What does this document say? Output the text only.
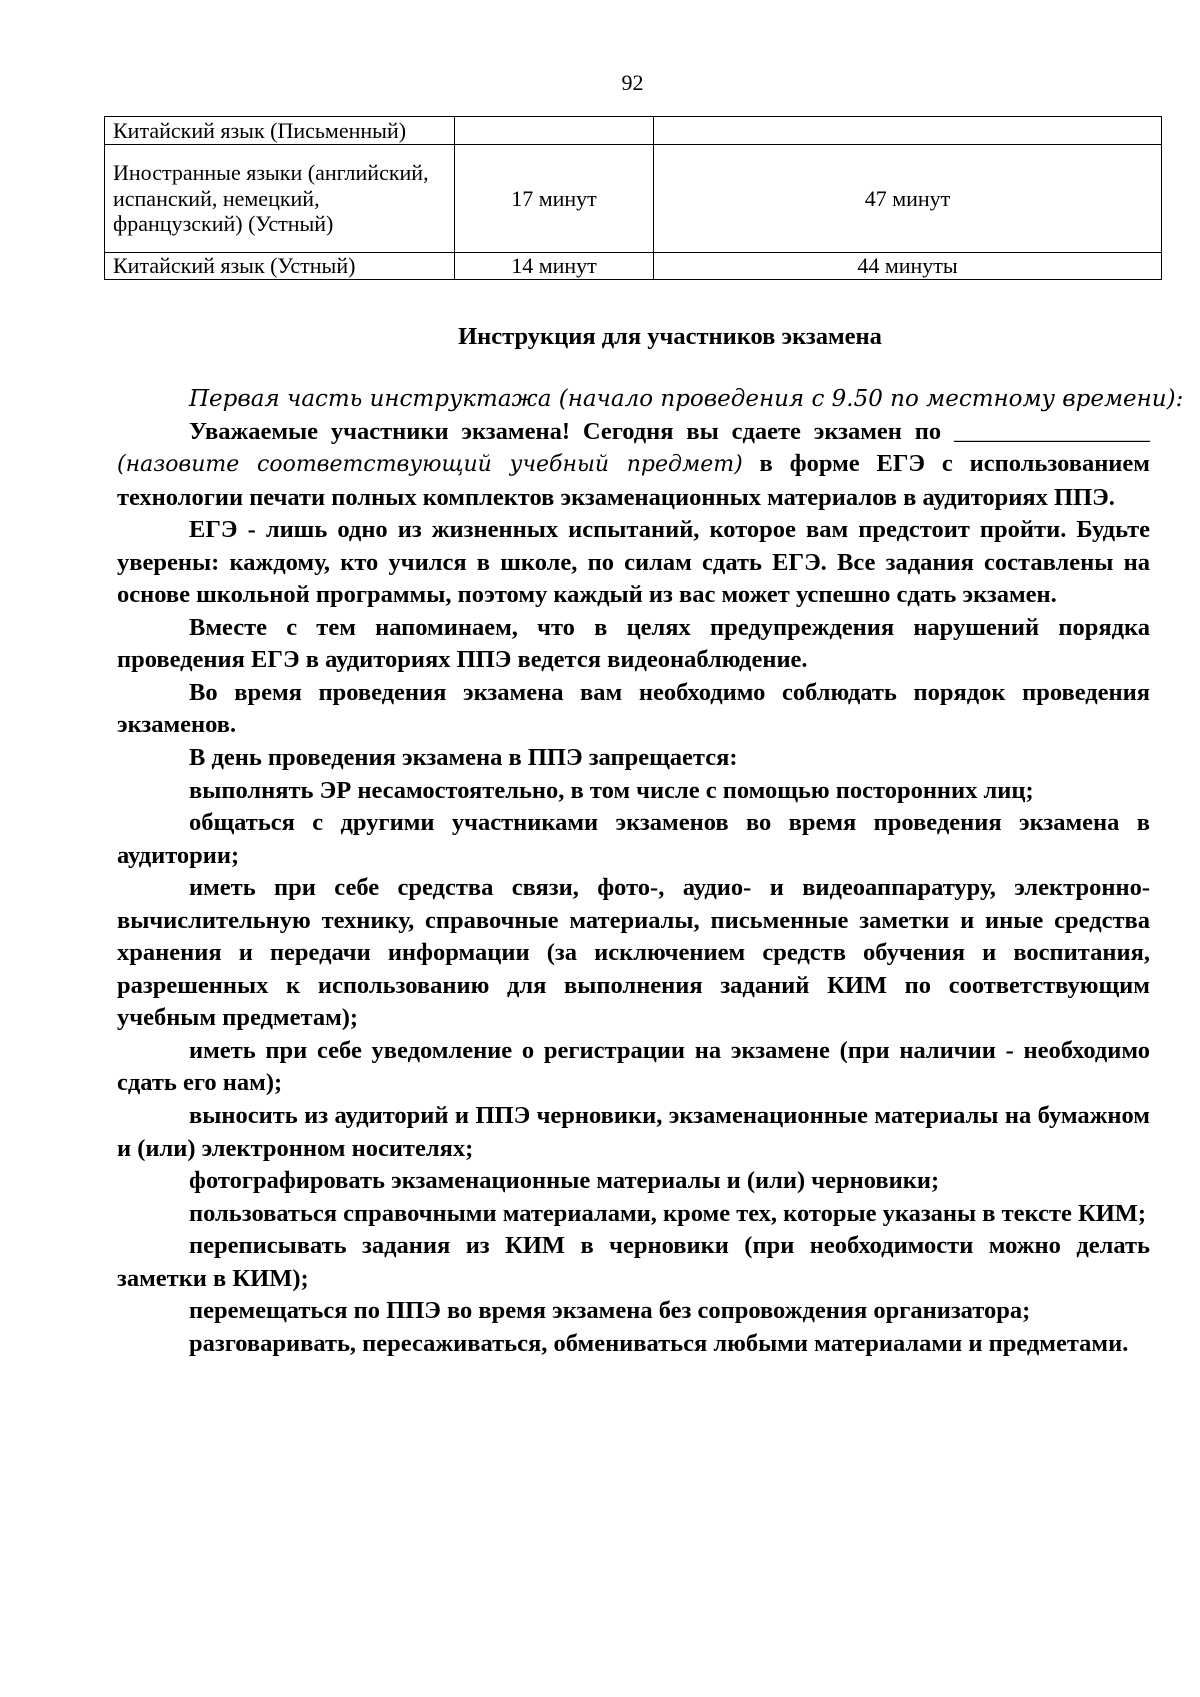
92
Китайский язык (Письменный)		
Иностранные языки (английский, испанский, немецкий, французский) (Устный)	17 минут	47 минут
Китайский язык (Устный)	14 минут	44 минуты
Инструкция для участников экзамена

Первая часть инструктажа (начало проведения с 9.50 по местному времени):

Уважаемые участники экзамена! Сегодня вы сдаете экзамен по ________________ (назовите соответствующий учебный предмет) в форме ЕГЭ с использованием технологии печати полных комплектов экзаменационных материалов в аудиториях ППЭ.

ЕГЭ - лишь одно из жизненных испытаний, которое вам предстоит пройти. Будьте уверены: каждому, кто учился в школе, по силам сдать ЕГЭ. Все задания составлены на основе школьной программы, поэтому каждый из вас может успешно сдать экзамен.

Вместе с тем напоминаем, что в целях предупреждения нарушений порядка проведения ЕГЭ в аудиториях ППЭ ведется видеонаблюдение.

Во время проведения экзамена вам необходимо соблюдать порядок проведения экзаменов.

В день проведения экзамена в ППЭ запрещается:

выполнять ЭР несамостоятельно, в том числе с помощью посторонних лиц;

общаться с другими участниками экзаменов во время проведения экзамена в аудитории;

иметь при себе средства связи, фото-, аудио- и видеоаппаратуру, электронно-вычислительную технику, справочные материалы, письменные заметки и иные средства хранения и передачи информации (за исключением средств обучения и воспитания, разрешенных к использованию для выполнения заданий КИМ по соответствующим учебным предметам);

иметь при себе уведомление о регистрации на экзамене (при наличии - необходимо сдать его нам);

выносить из аудиторий и ППЭ черновики, экзаменационные материалы на бумажном и (или) электронном носителях;

фотографировать экзаменационные материалы и (или) черновики;

пользоваться справочными материалами, кроме тех, которые указаны в тексте КИМ;

переписывать задания из КИМ в черновики (при необходимости можно делать заметки в КИМ);

перемещаться по ППЭ во время экзамена без сопровождения организатора;

разговаривать, пересаживаться, обмениваться любыми материалами и предметами.
